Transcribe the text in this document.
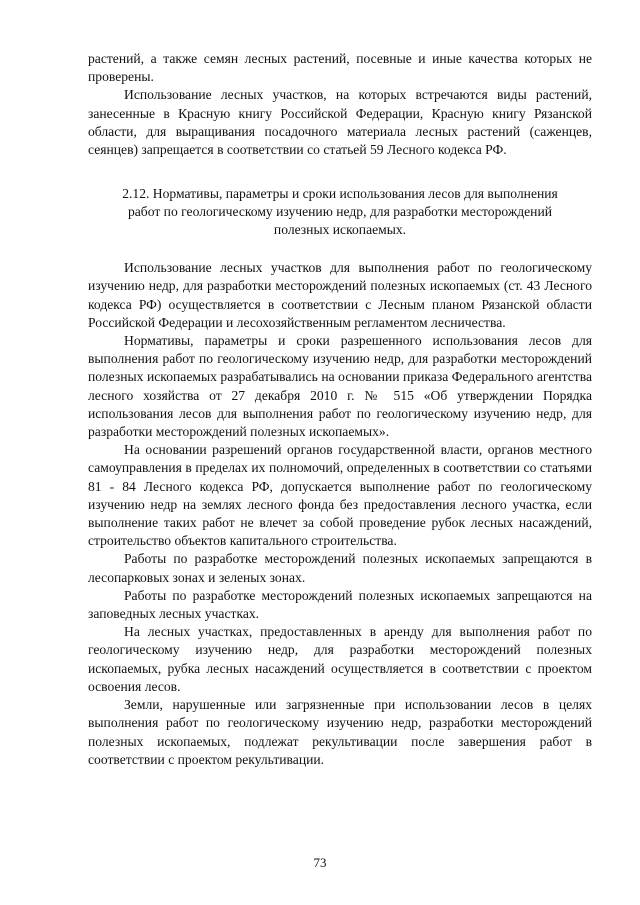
растений, а также семян лесных растений, посевные и иные качества которых не проверены.

Использование лесных участков, на которых встречаются виды растений, занесенные в Красную книгу Российской Федерации, Красную книгу Рязанской области, для выращивания посадочного материала лесных растений (саженцев, сеянцев) запрещается в соответствии со статьей 59 Лесного кодекса РФ.

2.12. Нормативы, параметры и сроки использования лесов для выполнения работ по геологическому изучению недр, для разработки месторождений полезных ископаемых.

Использование лесных участков для выполнения работ по геологическому изучению недр, для разработки месторождений полезных ископаемых (ст. 43 Лесного кодекса РФ) осуществляется в соответствии с Лесным планом Рязанской области Российской Федерации и лесохозяйственным регламентом лесничества.

Нормативы, параметры и сроки разрешенного использования лесов для выполнения работ по геологическому изучению недр, для разработки месторождений полезных ископаемых разрабатывались на основании приказа Федерального агентства лесного хозяйства от 27 декабря 2010 г. № 515 «Об утверждении Порядка использования лесов для выполнения работ по геологическому изучению недр, для разработки месторождений полезных ископаемых».

На основании разрешений органов государственной власти, органов местного самоуправления в пределах их полномочий, определенных в соответствии со статьями 81 - 84 Лесного кодекса РФ, допускается выполнение работ по геологическому изучению недр на землях лесного фонда без предоставления лесного участка, если выполнение таких работ не влечет за собой проведение рубок лесных насаждений, строительство объектов капитального строительства.

Работы по разработке месторождений полезных ископаемых запрещаются в лесопарковых зонах и зеленых зонах.

Работы по разработке месторождений полезных ископаемых запрещаются на заповедных лесных участках.

На лесных участках, предоставленных в аренду для выполнения работ по геологическому изучению недр, для разработки месторождений полезных ископаемых, рубка лесных насаждений осуществляется в соответствии с проектом освоения лесов.

Земли, нарушенные или загрязненные при использовании лесов в целях выполнения работ по геологическому изучению недр, разработки месторождений полезных ископаемых, подлежат рекультивации после завершения работ в соответствии с проектом рекультивации.

73
